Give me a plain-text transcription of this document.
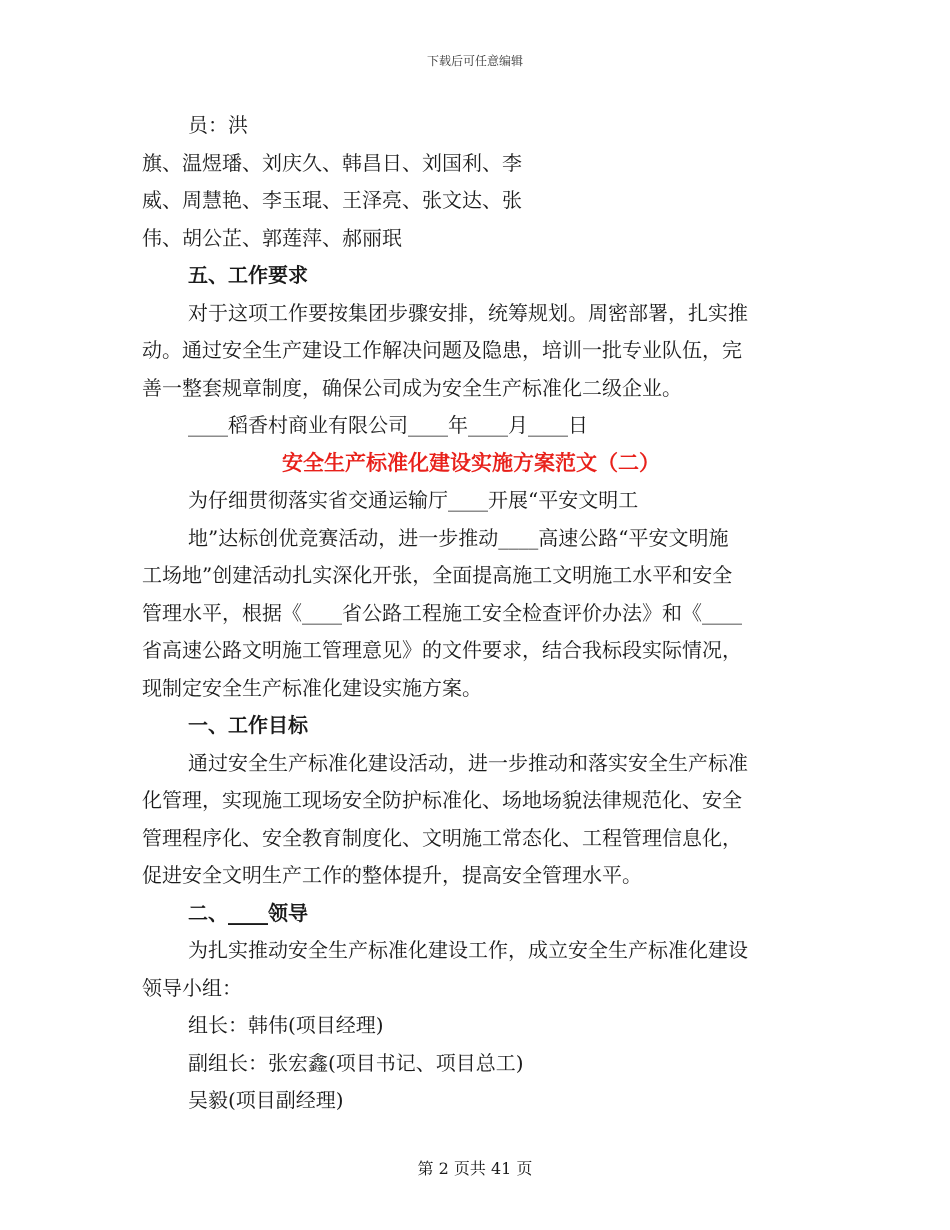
下载后可任意编辑
员：洪
旗、温煜璠、刘庆久、韩昌日、刘国利、李
威、周慧艳、李玉琨、王泽亮、张文达、张
伟、胡公芷、郭莲萍、郝丽珉
五、工作要求
对于这项工作要按集团步骤安排，统筹规划。周密部署，扎实推
动。通过安全生产建设工作解决问题及隐患，培训一批专业队伍，完
善一整套规章制度，确保公司成为安全生产标准化二级企业。
____稻香村商业有限公司____年____月____日
安全生产标准化建设实施方案范文（二）
为仔细贯彻落实省交通运输厅____开展“平安文明工
地”达标创优竞赛活动，进一步推动____高速公路“平安文明施
工场地”创建活动扎实深化开张，全面提高施工文明施工水平和安全
管理水平，根据《____省公路工程施工安全检查评价办法》和《____
省高速公路文明施工管理意见》的文件要求，结合我标段实际情况，
现制定安全生产标准化建设实施方案。
一、工作目标
通过安全生产标准化建设活动，进一步推动和落实安全生产标准
化管理，实现施工现场安全防护标准化、场地场貌法律规范化、安全
管理程序化、安全教育制度化、文明施工常态化、工程管理信息化，
促进安全文明生产工作的整体提升，提高安全管理水平。
二、____领导
为扎实推动安全生产标准化建设工作，成立安全生产标准化建设
领导小组：
组长：韩伟(项目经理)
副组长：张宏鑫(项目书记、项目总工)
吴毅(项目副经理)
第 2 页共 41 页
